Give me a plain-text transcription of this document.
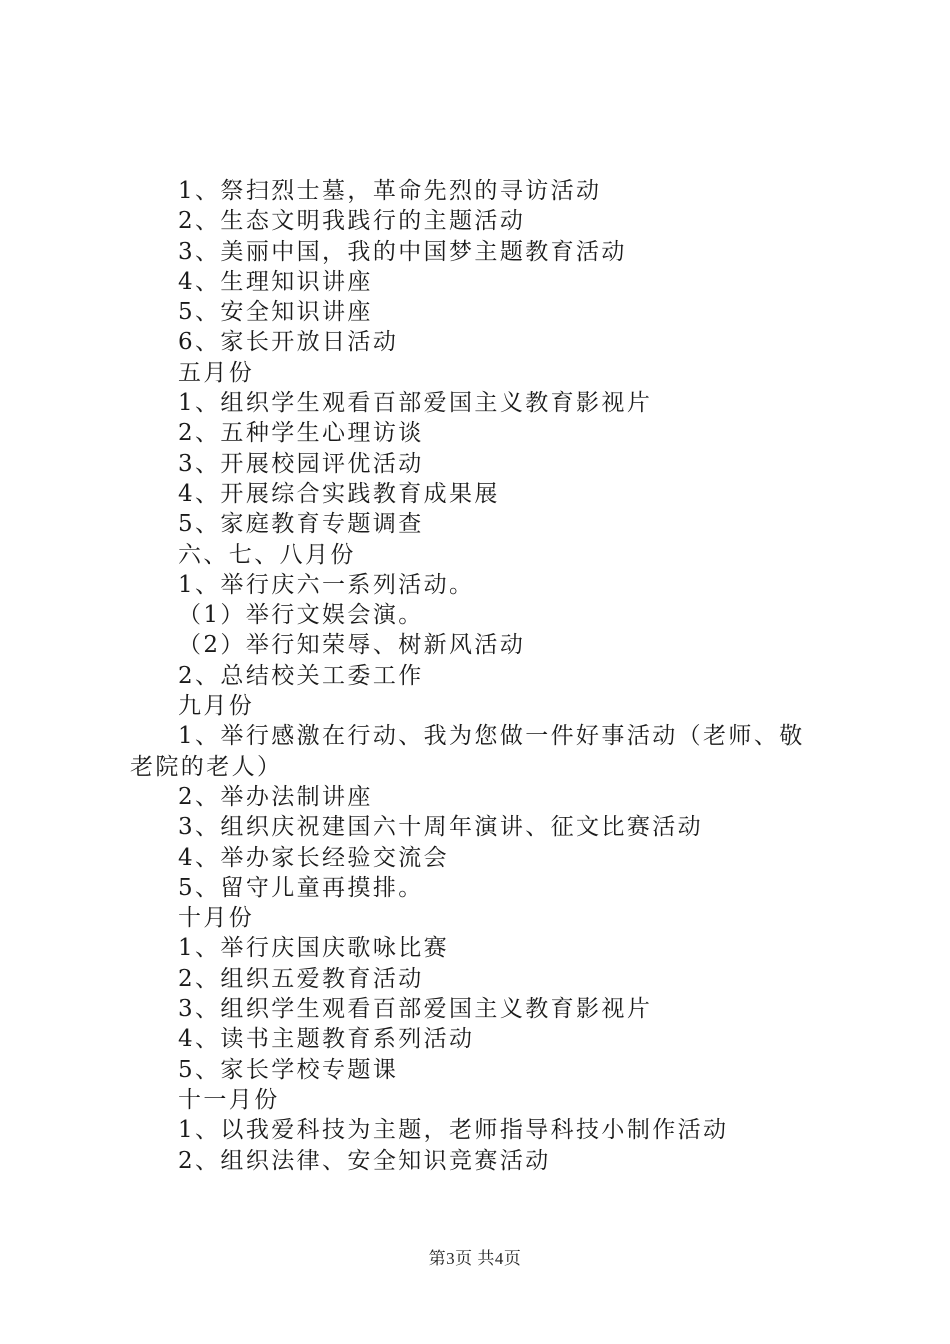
1、祭扫烈士墓，革命先烈的寻访活动
2、生态文明我践行的主题活动
3、美丽中国，我的中国梦主题教育活动
4、生理知识讲座
5、安全知识讲座
6、家长开放日活动
五月份
1、组织学生观看百部爱国主义教育影视片
2、五种学生心理访谈
3、开展校园评优活动
4、开展综合实践教育成果展
5、家庭教育专题调查
六、七、八月份
1、举行庆六一系列活动。
（1）举行文娱会演。
（2）举行知荣辱、树新风活动
2、总结校关工委工作
九月份
1、举行感激在行动、我为您做一件好事活动（老师、敬老院的老人）
2、举办法制讲座
3、组织庆祝建国六十周年演讲、征文比赛活动
4、举办家长经验交流会
5、留守儿童再摸排。
十月份
1、举行庆国庆歌咏比赛
2、组织五爱教育活动
3、组织学生观看百部爱国主义教育影视片
4、读书主题教育系列活动
5、家长学校专题课
十一月份
1、以我爱科技为主题，老师指导科技小制作活动
2、组织法律、安全知识竞赛活动
第3页 共4页
